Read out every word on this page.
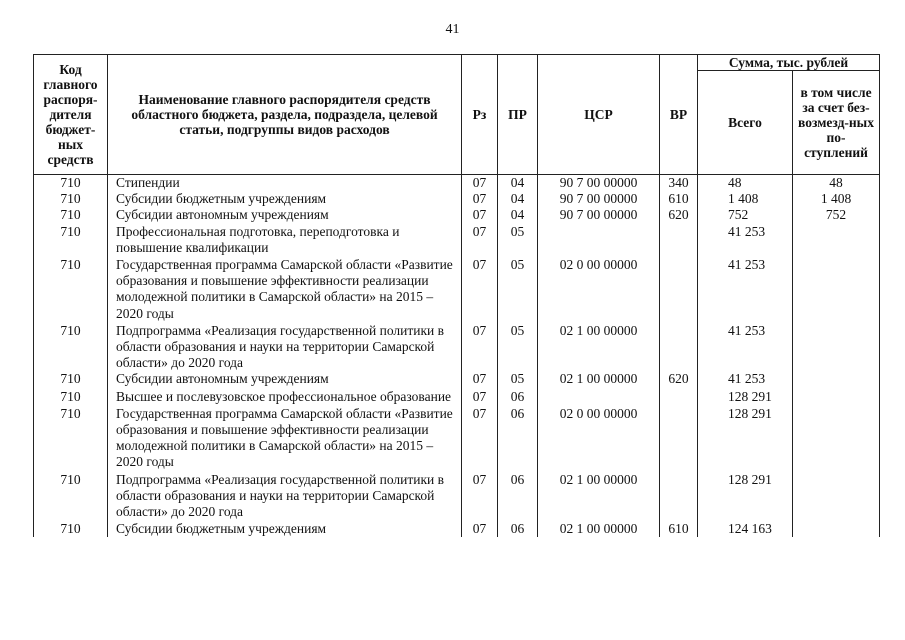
41
Код главного распоря-дителя бюджет-ных средств	Наименование главного распорядителя средств областного бюджета, раздела, подраздела, целевой статьи, подгруппы видов расходов	Рз	ПР	ЦСР	ВР	Сумма, тыс. рублей	
						Всего	в том числе за счет без-возмезд-ных по-ступлений
710	Стипендии	07	04	90 7 00 00000	340	48	48
710	Субсидии бюджетным учреждениям	07	04	90 7 00 00000	610	1 408	1 408
710	Субсидии автономным учреждениям	07	04	90 7 00 00000	620	752	752
710	Профессиональная подготовка, переподготовка и повышение квалификации	07	05			41 253	
710	Государственная программа Самарской области «Развитие образования и повышение эффективности реализации молодежной политики в Самарской области» на 2015 – 2020 годы	07	05	02 0 00 00000		41 253	
710	Подпрограмма «Реализация государственной политики в области образования и науки на территории Самарской области» до 2020 года	07	05	02 1 00 00000		41 253	
710	Субсидии автономным учреждениям	07	05	02 1 00 00000	620	41 253	
710	Высшее и послевузовское профессиональное образование	07	06			128 291	
710	Государственная программа Самарской области «Развитие образования и повышение эффективности реализации молодежной политики в Самарской области» на 2015 – 2020 годы	07	06	02 0 00 00000		128 291	
710	Подпрограмма «Реализация государственной политики в области образования и науки на территории Самарской области» до 2020 года	07	06	02 1 00 00000		128 291	
710	Субсидии бюджетным учреждениям	07	06	02 1 00 00000	610	124 163	
